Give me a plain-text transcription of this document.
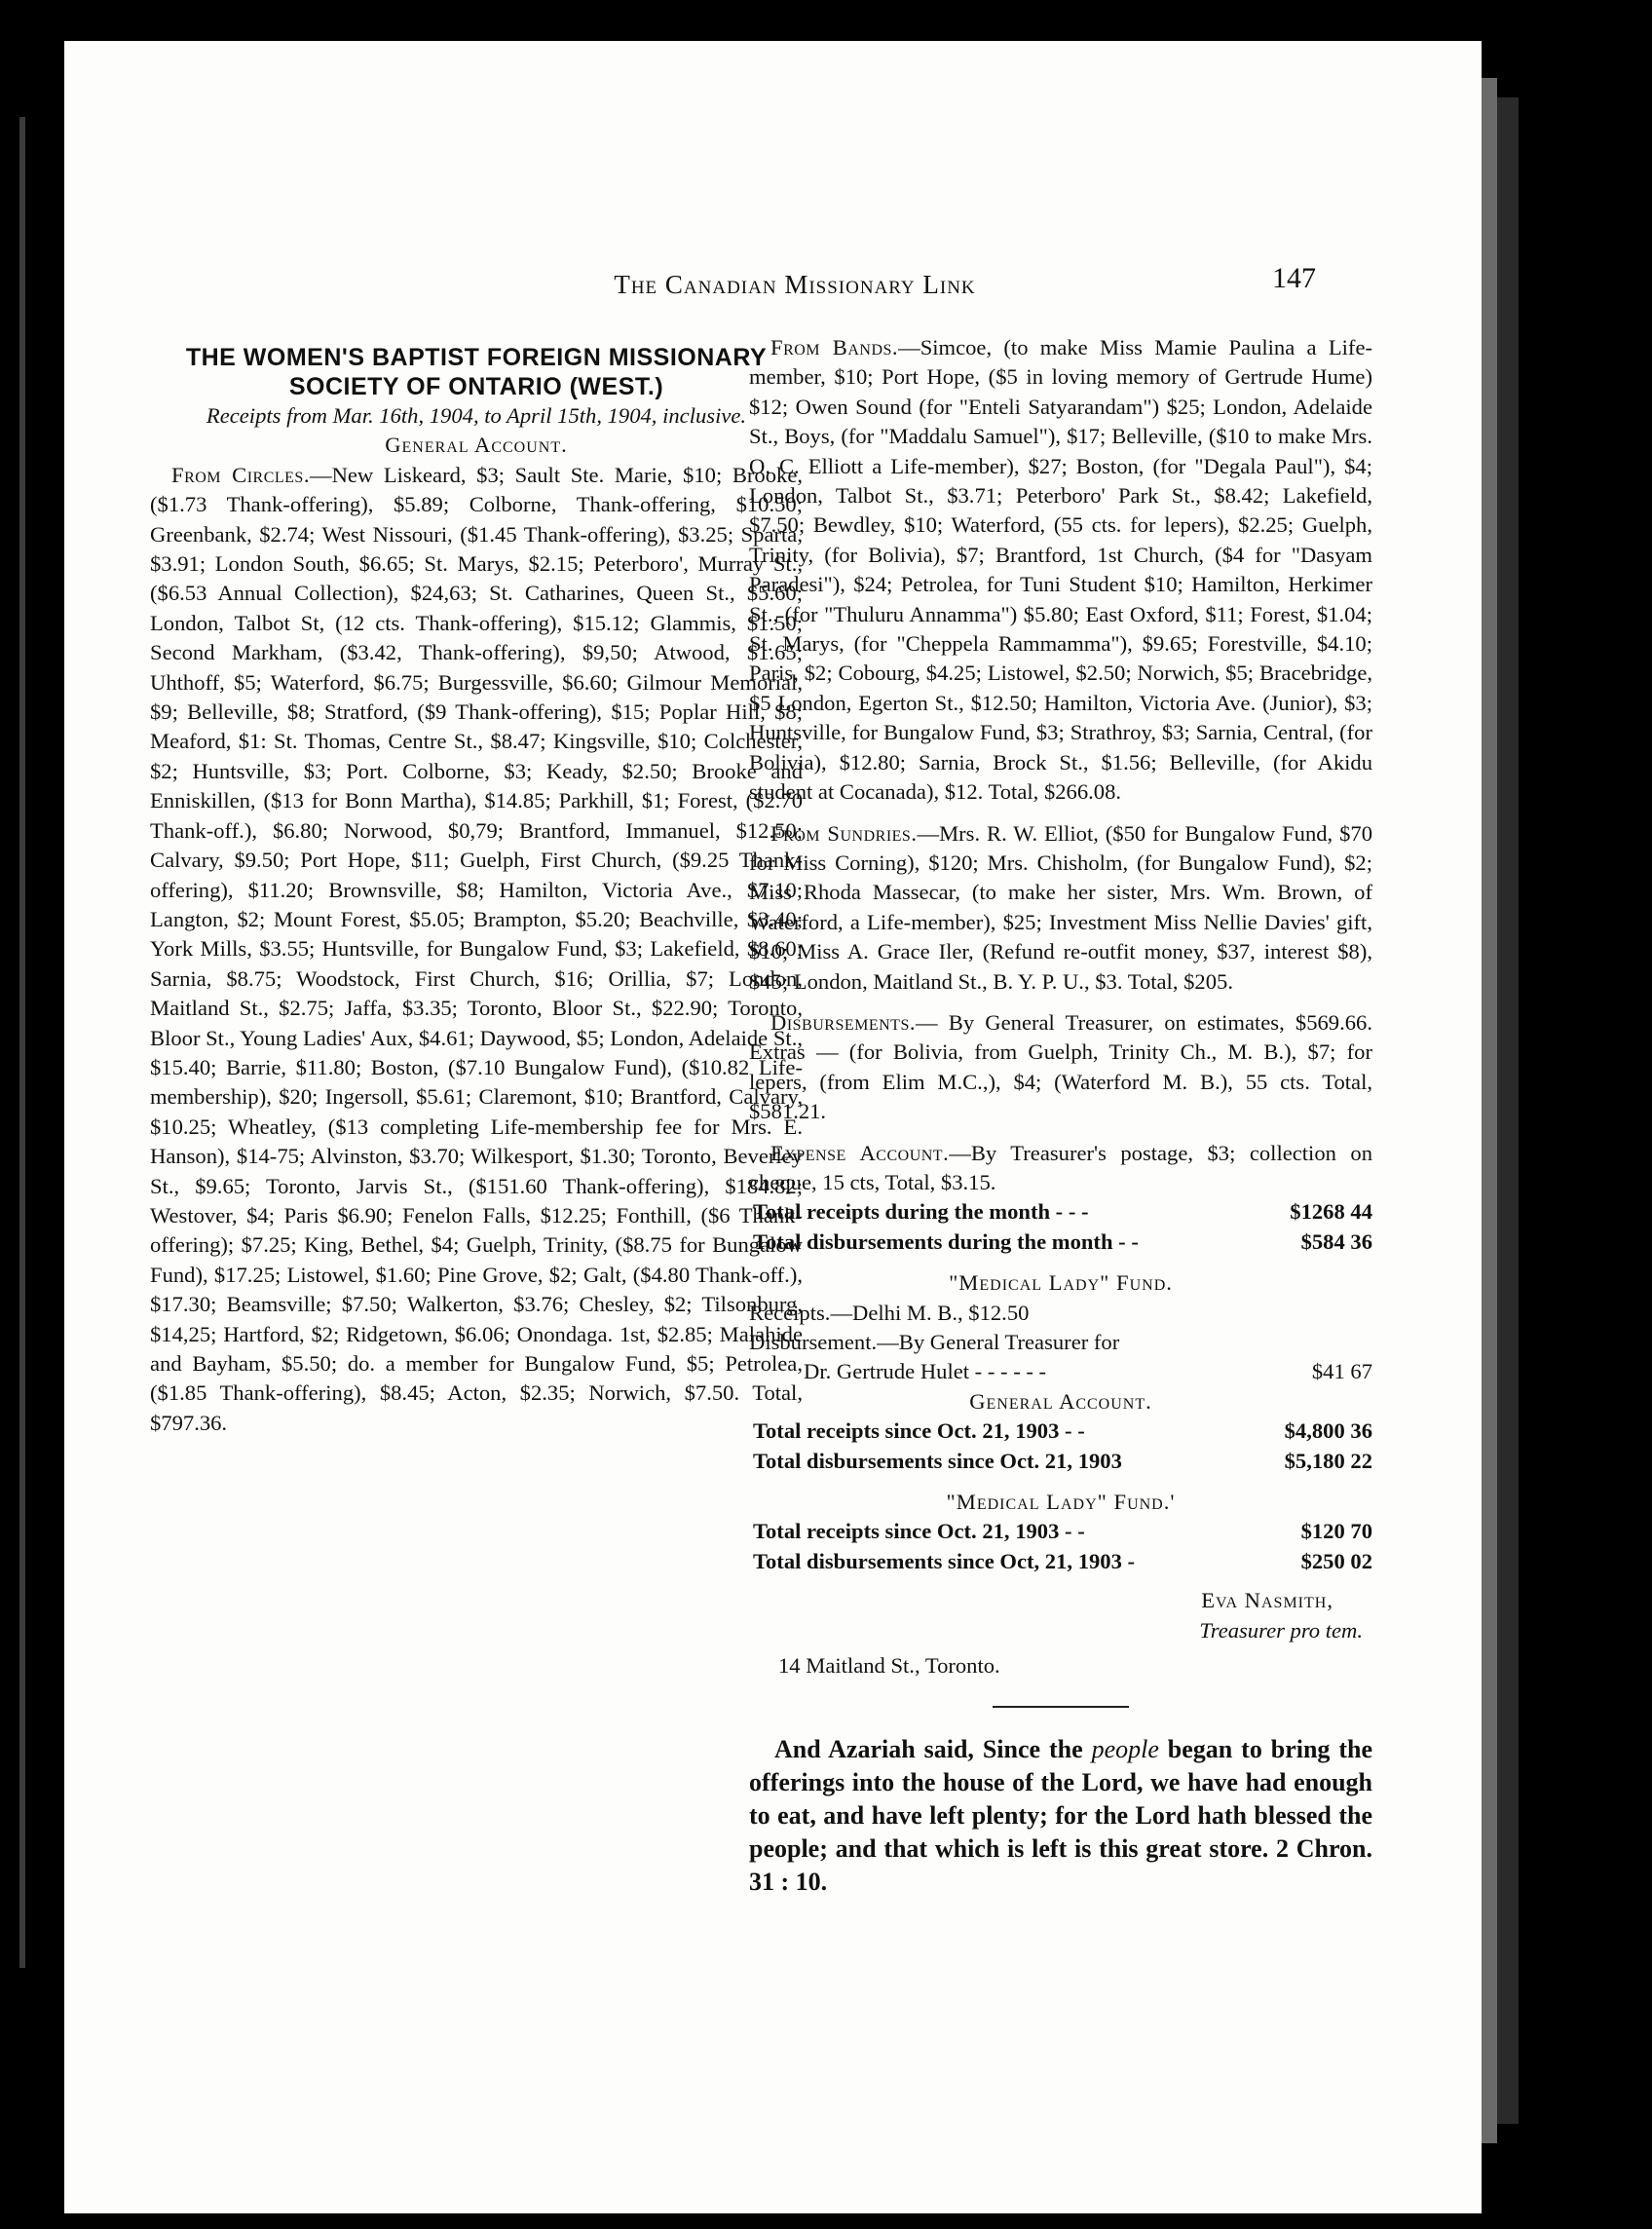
The Canadian Missionary Link	147

THE WOMEN'S BAPTIST FOREIGN MISSIONARY SOCIETY OF ONTARIO (WEST.)

Receipts from Mar. 16th, 1904, to April 15th, 1904, inclusive.

General Account.

From Circles.—New Liskeard, $3; Sault Ste. Marie, $10; Brooke, ($1.73 Thank-offering), $5.89; Colborne, Thank-offering, $10.50; Greenbank, $2.74; West Nissouri, ($1.45 Thank-offering), $3.25; Sparta, $3.91; London South, $6.65; St. Marys, $2.15; Peterboro', Murray St., ($6.53 Annual Collection), $24,63; St. Catharines, Queen St., $5.60; London, Talbot St, (12 cts. Thank-offering), $15.12; Glammis, $1.50; Second Markham, ($3.42, Thank-offering), $9,50; Atwood, $1.65; Uhthoff, $5; Waterford, $6.75; Burgessville, $6.60; Gilmour Memorial, $9; Belleville, $8; Stratford, ($9 Thank-offering), $15; Poplar Hill, $8; Meaford, $1: St. Thomas, Centre St., $8.47; Kingsville, $10; Colchester, $2; Huntsville, $3; Port. Colborne, $3; Keady, $2.50; Brooke and Enniskillen, ($13 for Bonn Martha), $14.85; Parkhill, $1; Forest, ($2.70 Thank-off.), $6.80; Norwood, $0,79; Brantford, Immanuel, $12.50; Calvary, $9.50; Port Hope, $11; Guelph, First Church, ($9.25 Thank-offering), $11.20; Brownsville, $8; Hamilton, Victoria Ave., $7.10; Langton, $2; Mount Forest, $5.05; Brampton, $5.20; Beachville, $3.40; York Mills, $3.55; Huntsville, for Bungalow Fund, $3; Lakefield, $8.60; Sarnia, $8.75; Woodstock, First Church, $16; Orillia, $7; London, Maitland St., $2.75; Jaffa, $3.35; Toronto, Bloor St., $22.90; Toronto, Bloor St., Young Ladies' Aux, $4.61; Daywood, $5; London, Adelaide St., $15.40; Barrie, $11.80; Boston, ($7.10 Bungalow Fund), ($10.82 Life-membership), $20; Ingersoll, $5.61; Claremont, $10; Brantford, Calvary, $10.25; Wheatley, ($13 completing Life-membership fee for Mrs. E. Hanson), $14-75; Alvinston, $3.70; Wilkesport, $1.30; Toronto, Beverley St., $9.65; Toronto, Jarvis St., ($151.60 Thank-offering), $184.82; Westover, $4; Paris $6.90; Fenelon Falls, $12.25; Fonthill, ($6 Thank-offering); $7.25; King, Bethel, $4; Guelph, Trinity, ($8.75 for Bungalow Fund), $17.25; Listowel, $1.60; Pine Grove, $2; Galt, ($4.80 Thank-off.), $17.30; Beamsville; $7.50; Walkerton, $3.76; Chesley, $2; Tilsonburg, $14,25; Hartford, $2; Ridgetown, $6.06; Onondaga. 1st, $2.85; Malahide and Bayham, $5.50; do. a member for Bungalow Fund, $5; Petrolea, ($1.85 Thank-offering), $8.45; Acton, $2.35; Norwich, $7.50. Total, $797.36.

From Bands.—Simcoe, (to make Miss Mamie Paulina a Life-member, $10; Port Hope, ($5 in loving memory of Gertrude Hume) $12; Owen Sound (for "Enteli Satyarandam") $25; London, Adelaide St., Boys, (for "Maddalu Samuel"), $17; Belleville, ($10 to make Mrs. O. C. Elliott a Life-member), $27; Boston, (for "Degala Paul"), $4; London, Talbot St., $3.71; Peterboro' Park St., $8.42; Lakefield, $7.50; Bewdley, $10; Waterford, (55 cts. for lepers), $2.25; Guelph, Trinity, (for Bolivia), $7; Brantford, 1st Church, ($4 for "Dasyam Paradesi"), $24; Petrolea, for Tuni Student $10; Hamilton, Herkimer St., (for "Thuluru Annamma") $5.80; East Oxford, $11; Forest, $1.04; St. Marys, (for "Cheppela Rammamma"), $9.65; Forestville, $4.10; Paris, $2; Cobourg, $4.25; Listowel, $2.50; Norwich, $5; Bracebridge, $5 London, Egerton St., $12.50; Hamilton, Victoria Ave. (Junior), $3; Huntsville, for Bungalow Fund, $3; Strathroy, $3; Sarnia, Central, (for Bolivia), $12.80; Sarnia, Brock St., $1.56; Belleville, (for Akidu student at Cocanada), $12. Total, $266.08.

From Sundries.—Mrs. R. W. Elliot, ($50 for Bungalow Fund, $70 for Miss Corning), $120; Mrs. Chisholm, (for Bungalow Fund), $2; Miss Rhoda Massecar, (to make her sister, Mrs. Wm. Brown, of Waterford, a Life-member), $25; Investment Miss Nellie Davies' gift, $10; Miss A. Grace Iler, (Refund re-outfit money, $37, interest $8), $45; London, Maitland St., B. Y. P. U., $3. Total, $205.

Disbursements.— By General Treasurer, on estimates, $569.66. Extras — (for Bolivia, from Guelph, Trinity Ch., M. B.), $7; for lepers, (from Elim M.C.,), $4; (Waterford M. B.), 55 cts. Total, $581.21.

Expense Account.—By Treasurer's postage, $3; collection on cheque, 15 cts, Total, $3.15.

Total receipts during the month - - -	$1268 44
Total disbursements during the month - -	$584 36

"Medical Lady" Fund.

Receipts.—Delhi M. B., $12.50

Disbursement.—By General Treasurer for

Dr. Gertrude Hulet - - - - - -	$41 67

General Account.

Total receipts since Oct. 21, 1903 - -	$4,800 36
Total disbursements since Oct. 21, 1903	$5,180 22

"Medical Lady" Fund.'

Total receipts since Oct. 21, 1903 - -	$120 70
Total disbursements since Oct, 21, 1903 -	$250 02

Eva Nasmith,

Treasurer pro tem.

14 Maitland St., Toronto.

And Azariah said, Since the people began to bring the offerings into the house of the Lord, we have had enough to eat, and have left plenty; for the Lord hath blessed the people; and that which is left is this great store. 2 Chron. 31 : 10.
